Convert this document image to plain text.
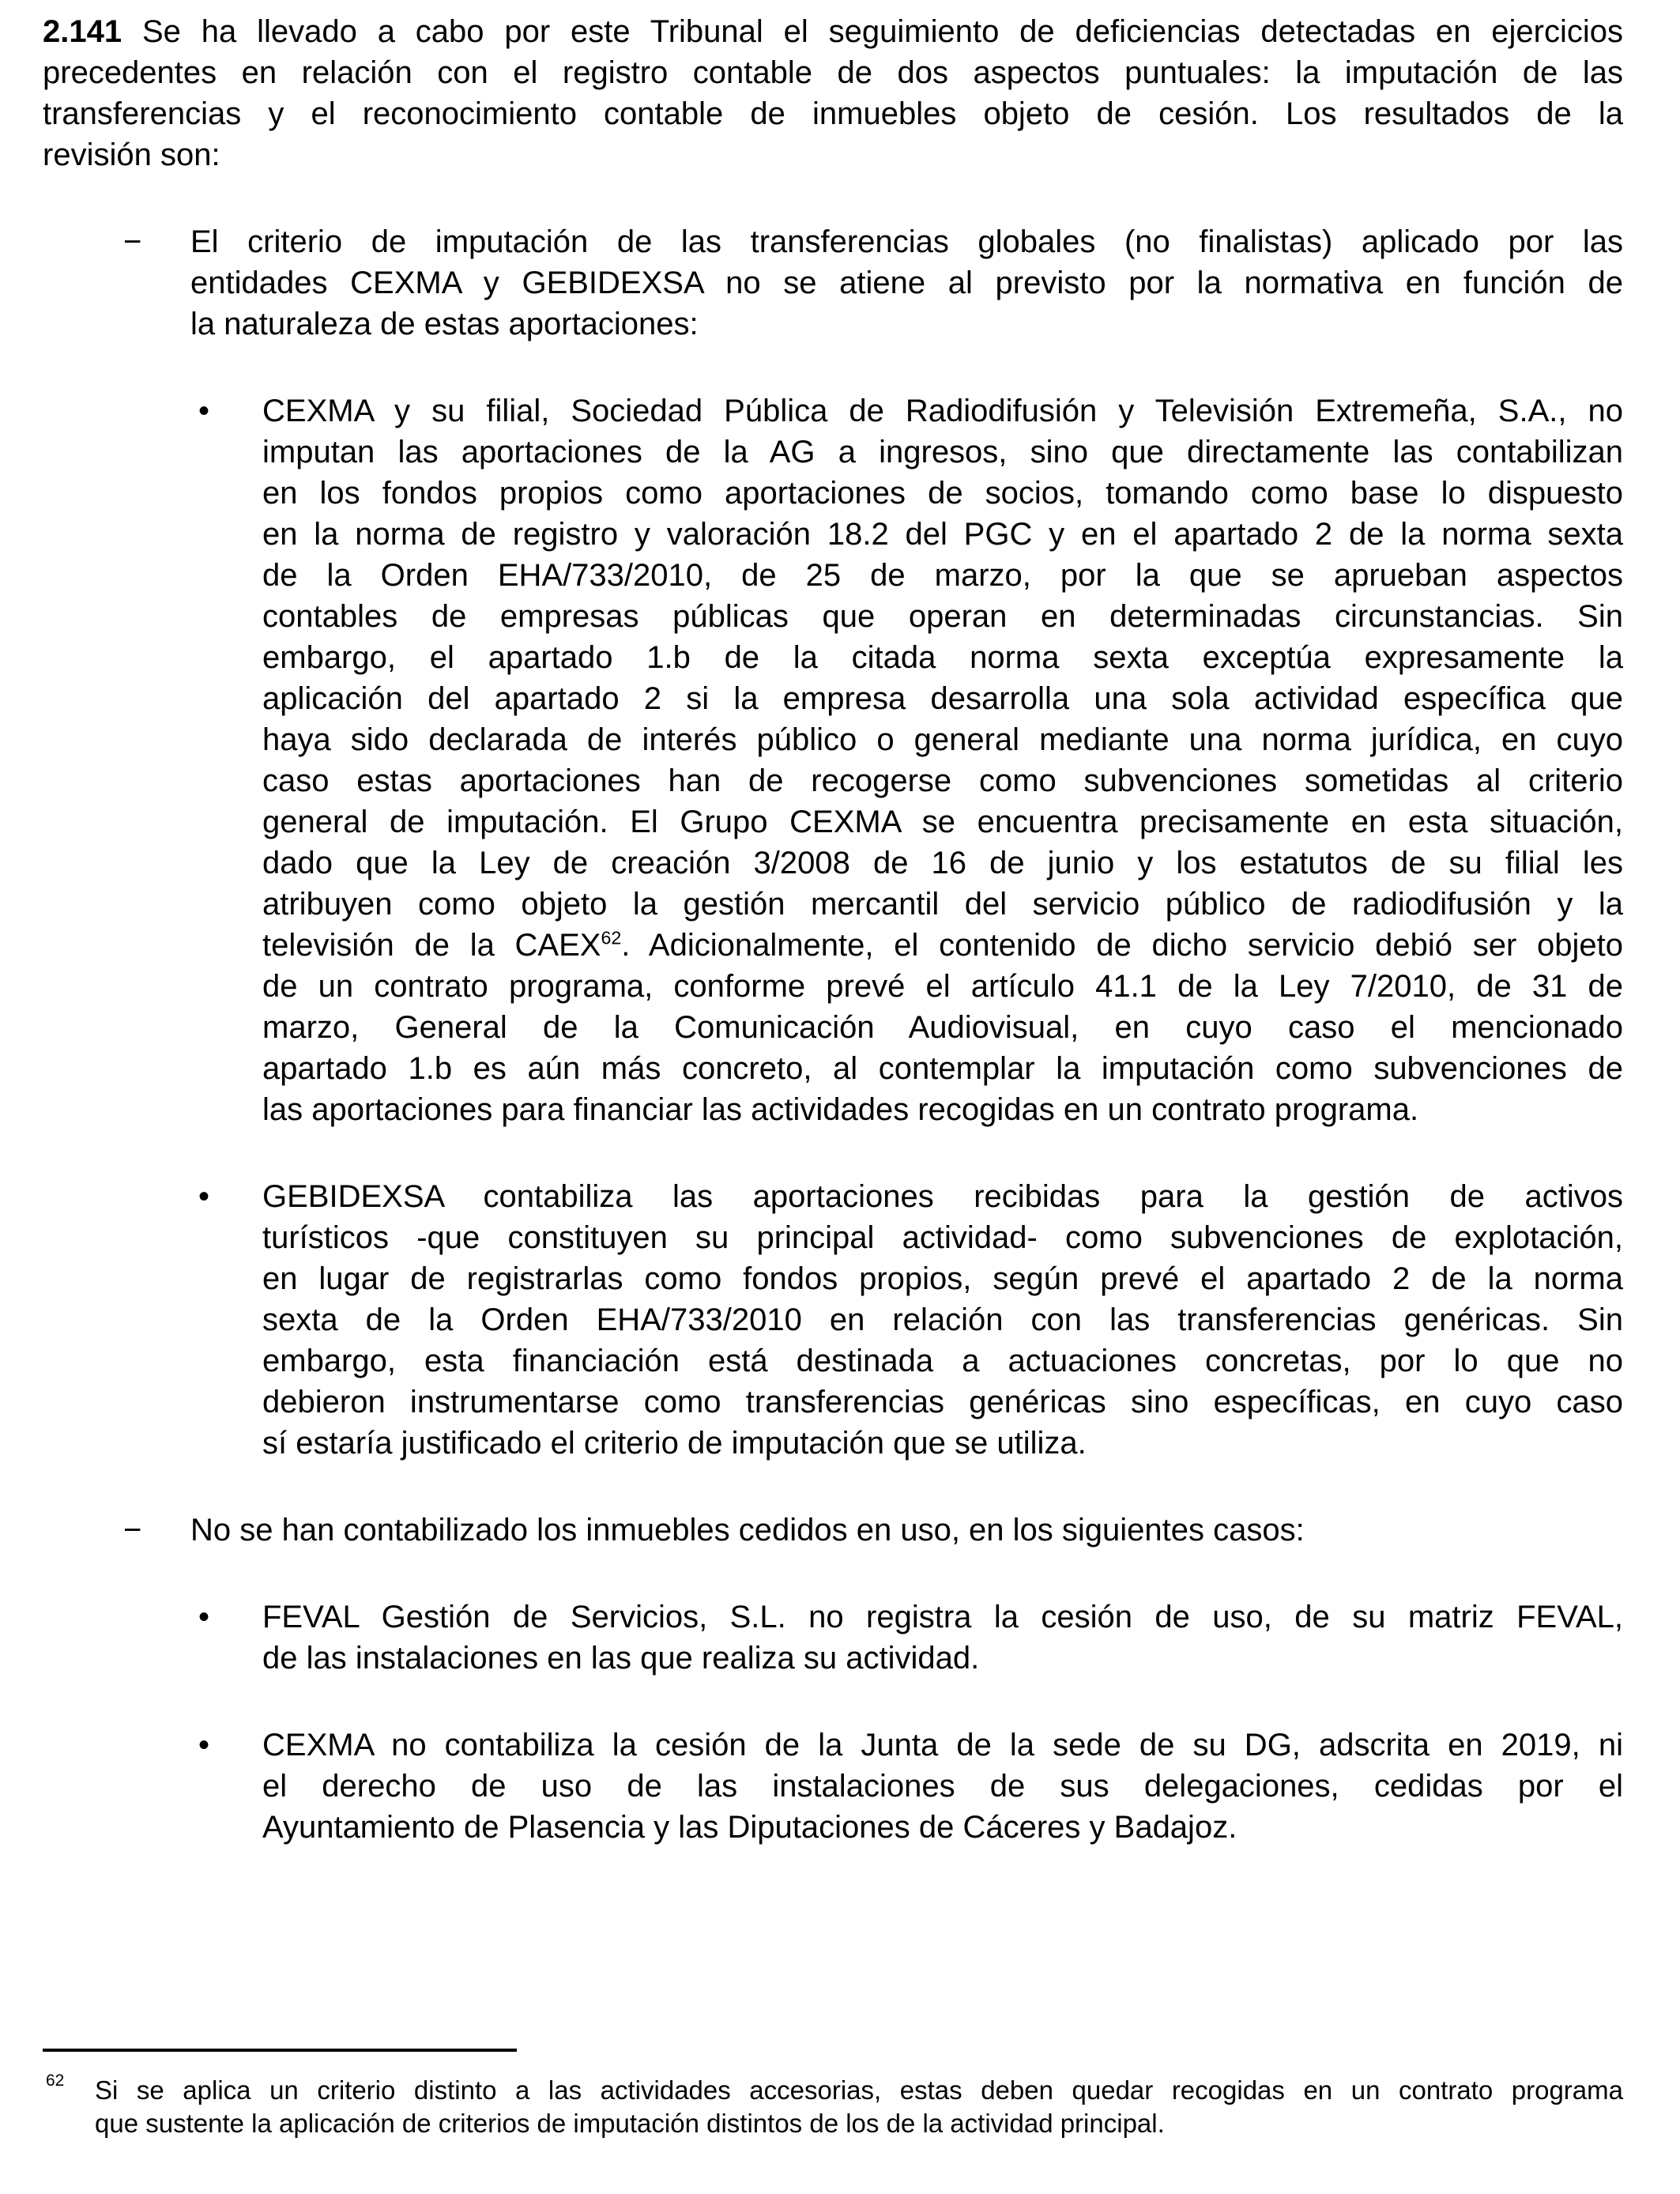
2.141 Se ha llevado a cabo por este Tribunal el seguimiento de deficiencias detectadas en ejercicios
precedentes en relación con el registro contable de dos aspectos puntuales: la imputación de las
transferencias y el reconocimiento contable de inmuebles objeto de cesión. Los resultados de la
revisión son:
− El criterio de imputación de las transferencias globales (no finalistas) aplicado por las
entidades CEXMA y GEBIDEXSA no se atiene al previsto por la normativa en función de
la naturaleza de estas aportaciones:
• CEXMA y su filial, Sociedad Pública de Radiodifusión y Televisión Extremeña, S.A., no
imputan las aportaciones de la AG a ingresos, sino que directamente las contabilizan
en los fondos propios como aportaciones de socios, tomando como base lo dispuesto
en la norma de registro y valoración 18.2 del PGC y en el apartado 2 de la norma sexta
de la Orden EHA/733/2010, de 25 de marzo, por la que se aprueban aspectos
contables de empresas públicas que operan en determinadas circunstancias. Sin
embargo, el apartado 1.b de la citada norma sexta exceptúa expresamente la
aplicación del apartado 2 si la empresa desarrolla una sola actividad específica que
haya sido declarada de interés público o general mediante una norma jurídica, en cuyo
caso estas aportaciones han de recogerse como subvenciones sometidas al criterio
general de imputación. El Grupo CEXMA se encuentra precisamente en esta situación,
dado que la Ley de creación 3/2008 de 16 de junio y los estatutos de su filial les
atribuyen como objeto la gestión mercantil del servicio público de radiodifusión y la
televisión de la CAEX$^{62}$. Adicionalmente, el contenido de dicho servicio debió ser objeto
de un contrato programa, conforme prevé el artículo 41.1 de la Ley 7/2010, de 31 de
marzo, General de la Comunicación Audiovisual, en cuyo caso el mencionado
apartado 1.b es aún más concreto, al contemplar la imputación como subvenciones de
las aportaciones para financiar las actividades recogidas en un contrato programa.
• GEBIDEXSA contabiliza las aportaciones recibidas para la gestión de activos
turísticos -que constituyen su principal actividad- como subvenciones de explotación,
en lugar de registrarlas como fondos propios, según prevé el apartado 2 de la norma
sexta de la Orden EHA/733/2010 en relación con las transferencias genéricas. Sin
embargo, esta financiación está destinada a actuaciones concretas, por lo que no
debieron instrumentarse como transferencias genéricas sino específicas, en cuyo caso
sí estaría justificado el criterio de imputación que se utiliza.
− No se han contabilizado los inmuebles cedidos en uso, en los siguientes casos:
• FEVAL Gestión de Servicios, S.L. no registra la cesión de uso, de su matriz FEVAL,
de las instalaciones en las que realiza su actividad.
• CEXMA no contabiliza la cesión de la Junta de la sede de su DG, adscrita en 2019, ni
el derecho de uso de las instalaciones de sus delegaciones, cedidas por el
Ayuntamiento de Plasencia y las Diputaciones de Cáceres y Badajoz.
62 Si se aplica un criterio distinto a las actividades accesorias, estas deben quedar recogidas en un contrato programa
que sustente la aplicación de criterios de imputación distintos de los de la actividad principal.
